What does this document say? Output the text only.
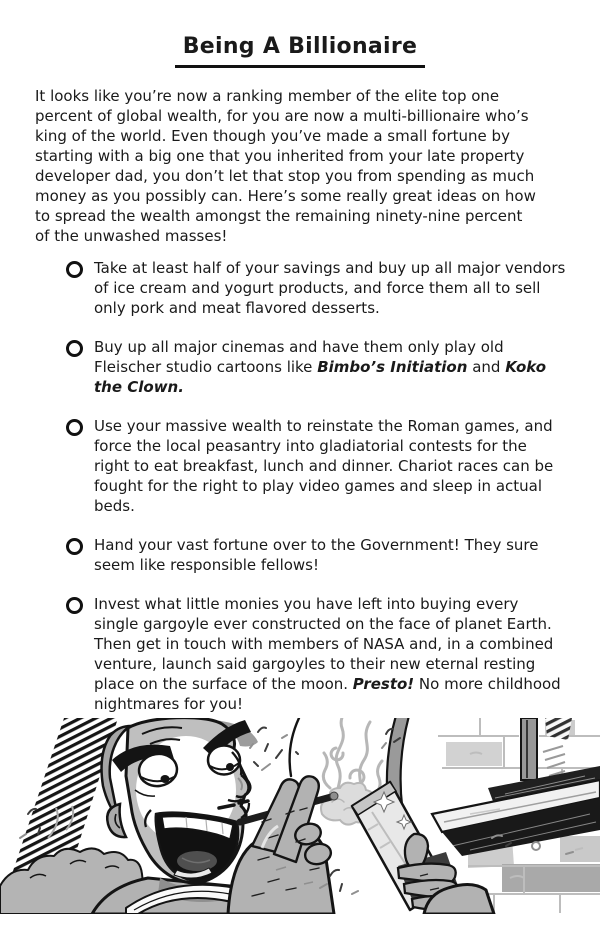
Being A Billionaire

It looks like you’re now a ranking member of the elite top one percent of global wealth, for you are now a multi-billionaire who’s king of the world. Even though you’ve made a small fortune by starting with a big one that you inherited from your late property developer dad, you don’t let that stop you from spending as much money as you possibly can. Here’s some really great ideas on how to spread the wealth amongst the remaining ninety-nine percent of the unwashed masses!

Take at least half of your savings and buy up all major vendors of ice cream and yogurt products, and force them all to sell only pork and meat flavored desserts.
Buy up all major cinemas and have them only play old Fleischer studio cartoons like Bimbo’s Initiation and Koko the Clown.
Use your massive wealth to reinstate the Roman games, and force the local peasantry into gladiatorial contests for the right to eat breakfast, lunch and dinner. Chariot races can be fought for the right to play video games and sleep in actual beds.
Hand your vast fortune over to the Government! They sure seem like responsible fellows!
Invest what little monies you have left into buying every single gargoyle ever constructed on the face of planet Earth. Then get in touch with members of NASA and, in a combined venture, launch said gargoyles to their new eternal resting place on the surface of the moon. Presto! No more childhood nightmares for you!
